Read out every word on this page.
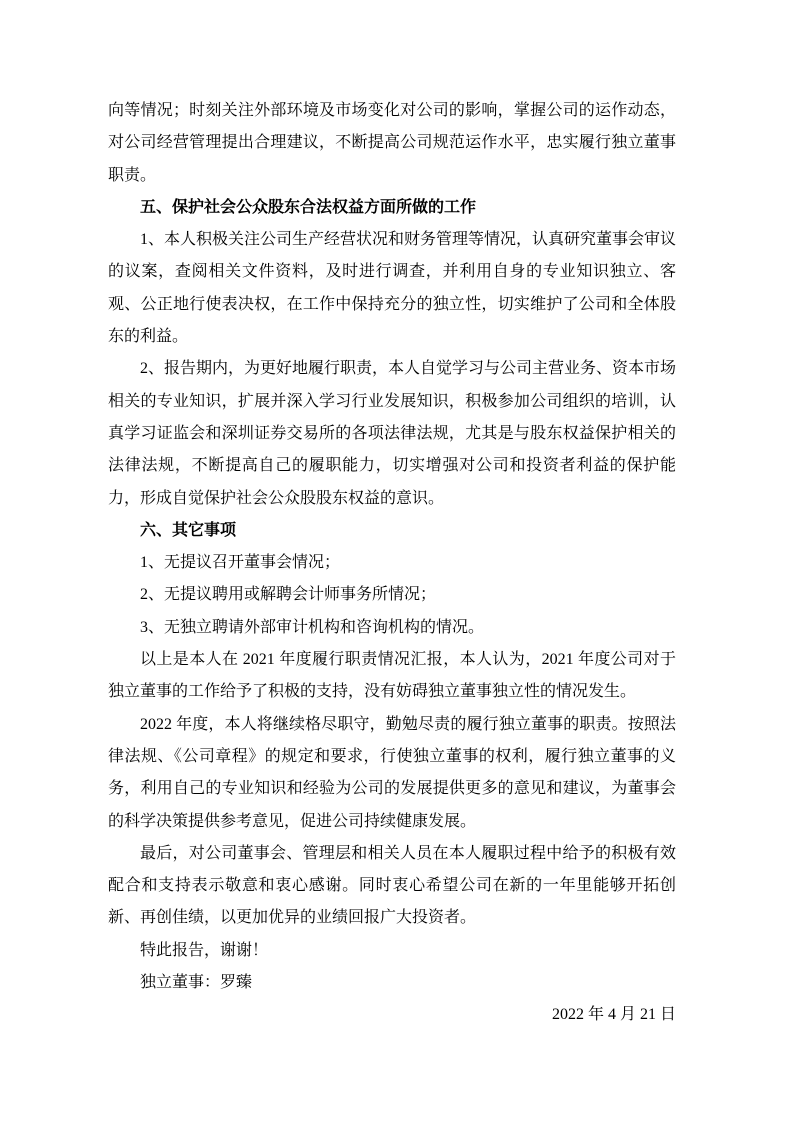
向等情况；时刻关注外部环境及市场变化对公司的影响，掌握公司的运作动态，对公司经营管理提出合理建议，不断提高公司规范运作水平，忠实履行独立董事职责。

五、保护社会公众股东合法权益方面所做的工作

1、本人积极关注公司生产经营状况和财务管理等情况，认真研究董事会审议的议案，查阅相关文件资料，及时进行调查，并利用自身的专业知识独立、客观、公正地行使表决权，在工作中保持充分的独立性，切实维护了公司和全体股东的利益。

2、报告期内，为更好地履行职责，本人自觉学习与公司主营业务、资本市场相关的专业知识，扩展并深入学习行业发展知识，积极参加公司组织的培训，认真学习证监会和深圳证券交易所的各项法律法规，尤其是与股东权益保护相关的法律法规，不断提高自己的履职能力，切实增强对公司和投资者利益的保护能力，形成自觉保护社会公众股股东权益的意识。

六、其它事项

1、无提议召开董事会情况；

2、无提议聘用或解聘会计师事务所情况；

3、无独立聘请外部审计机构和咨询机构的情况。

以上是本人在 2021 年度履行职责情况汇报，本人认为，2021 年度公司对于独立董事的工作给予了积极的支持，没有妨碍独立董事独立性的情况发生。

2022 年度，本人将继续格尽职守，勤勉尽责的履行独立董事的职责。按照法律法规、《公司章程》的规定和要求，行使独立董事的权利，履行独立董事的义务，利用自己的专业知识和经验为公司的发展提供更多的意见和建议，为董事会的科学决策提供参考意见，促进公司持续健康发展。

最后，对公司董事会、管理层和相关人员在本人履职过程中给予的积极有效配合和支持表示敬意和衷心感谢。同时衷心希望公司在新的一年里能够开拓创新、再创佳绩，以更加优异的业绩回报广大投资者。

特此报告，谢谢！

独立董事：罗臻

2022 年 4 月 21 日
